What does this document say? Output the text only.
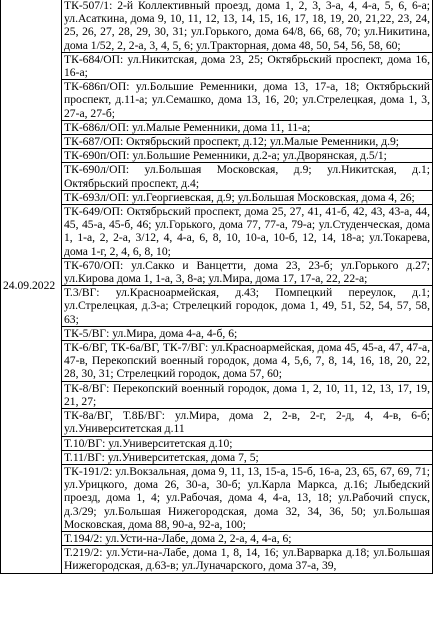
24.09.2022	ТК-507/1: 2-й Коллективный проезд, дома 1, 2, 3, 3-а, 4, 4-а, 5, 6, 6-а; ул.Асаткина, дома 9, 10, 11, 12, 13, 14, 15, 16, 17, 18, 19, 20, 21,22, 23, 24, 25, 26, 27, 28, 29, 30, 31; ул.Горького, дома 64/8, 66, 68, 70; ул.Никитина, дома 1/52, 2, 2-а, 3, 4, 5, 6; ул.Тракторная, дома 48, 50, 54, 56, 58, 60;
ТК-684/ОП: ул.Никитская, дома 23, 25; Октябрьский проспект, дома 16, 16-а;
ТК-686п/ОП: ул.Большие Ременники, дома 13, 17-а, 18; Октябрьский проспект, д.11-а; ул.Семашко, дома 13, 16, 20; ул.Стрелецкая, дома 1, 3, 27-а, 27-б;
ТК-686л/ОП: ул.Малые Ременники, дома 11, 11-а;
ТК-687/ОП: Октябрьский проспект, д.12; ул.Малые Ременники, д.9;
ТК-690п/ОП: ул.Большие Ременники, д.2-а; ул.Дворянская, д.5/1;
ТК-690л/ОП: ул.Большая Московская, д.9; ул.Никитская, д.1; Октябрьский проспект, д.4;
ТК-693л/ОП: ул.Георгиевская, д.9; ул.Большая Московская, дома 4, 26;
ТК-649/ОП: Октябрьский проспект, дома 25, 27, 41, 41-б, 42, 43, 43-а, 44, 45, 45-а, 45-б, 46; ул.Горького, дома 77, 77-а, 79-а; ул.Студенческая, дома 1, 1-а, 2, 2-а, 3/12, 4, 4-а, 6, 8, 10, 10-а, 10-б, 12, 14, 18-а; ул.Токарева, дома 1-г, 2, 4, 6, 8, 10;
ТК-670/ОП: ул.Сакко и Ванцетти, дома 23, 23-б; ул.Горького д.27; ул.Кирова дома 1, 1-а, 3, 8-а; ул.Мира, дома 17, 17-а, 22, 22-а;
Т.3/ВГ: ул.Красноармейская, д.43; Помпецкий переулок, д.1; ул.Стрелецкая, д.3-а; Стрелецкий городок, дома 1, 49, 51, 52, 54, 57, 58, 63;
ТК-5/ВГ: ул.Мира, дома 4-а, 4-б, 6;
ТК-6/ВГ, ТК-6а/ВГ, ТК-7/ВГ: ул.Красноармейская, дома 45, 45-а, 47, 47-а, 47-в, Перекопский военный городок, дома 4, 5,6, 7, 8, 14, 16, 18, 20, 22, 28, 30, 31; Стрелецкий городок, дома 57, 60;
ТК-8/ВГ: Перекопский военный городок, дома 1, 2, 10, 11, 12, 13, 17, 19, 21, 27;
ТК-8а/ВГ, Т.8Б/ВГ: ул.Мира, дома 2, 2-в, 2-г, 2-д, 4, 4-в, 6-б; ул.Университетская д.11
Т.10/ВГ: ул.Университетская д.10;
Т.11/ВГ: ул.Университетская, дома 7, 5;
ТК-191/2: ул.Вокзальная, дома 9, 11, 13, 15-а, 15-б, 16-а, 23, 65, 67, 69, 71; ул.Урицкого, дома 26, 30-а, 30-б; ул.Карла Маркса, д.16; Лыбедский проезд, дома 1, 4; ул.Рабочая, дома 4, 4-а, 13, 18; ул.Рабочий спуск, д.3/29; ул.Большая Нижегородская, дома 32, 34, 36, 50; ул.Большая Московская, дома 88, 90-а, 92-а, 100;
Т.194/2: ул.Усти-на-Лабе, дома 2, 2-а, 4, 4-а, 6;
Т.219/2: ул.Усти-на-Лабе, дома 1, 8, 14, 16; ул.Варварка д.18; ул.Большая Нижегородская, д.63-в; ул.Луначарского, дома 37-а, 39,
